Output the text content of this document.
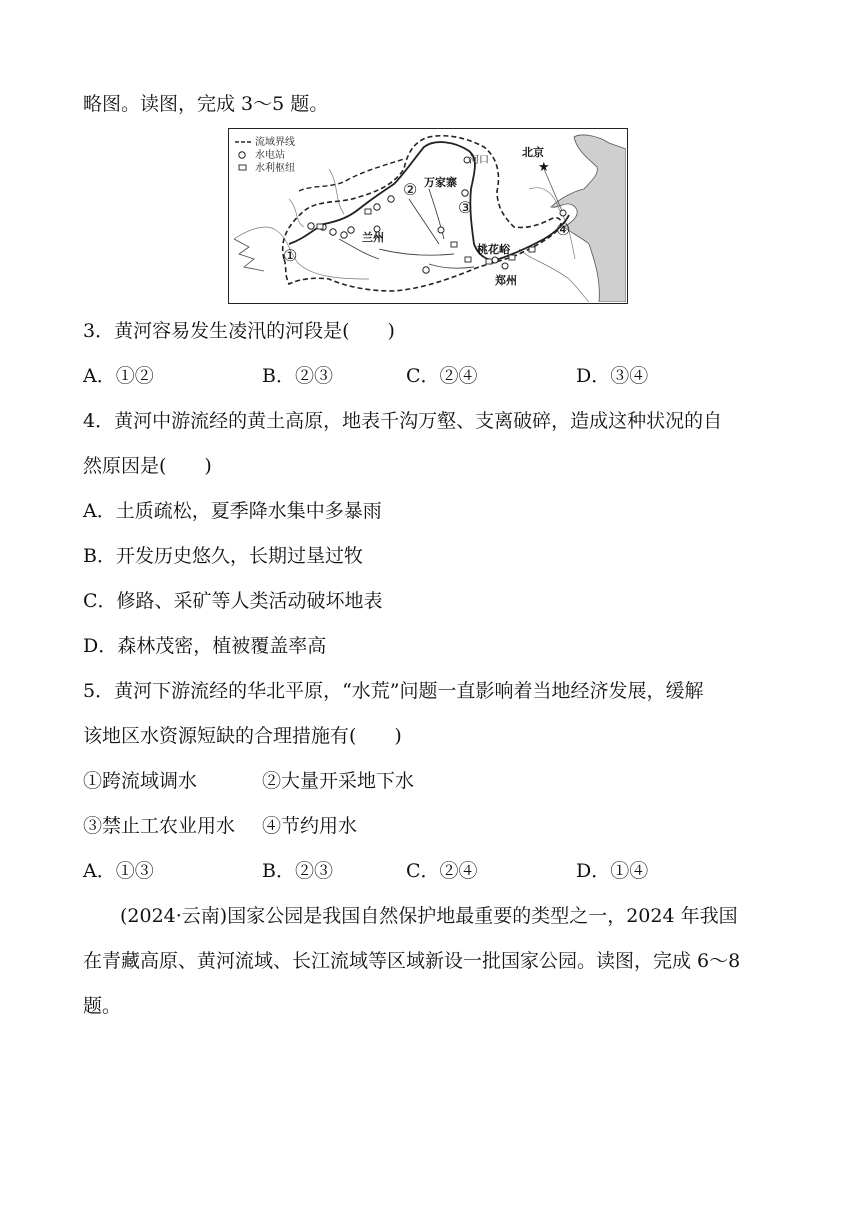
略图。读图，完成 3～5 题。
★
流域界线
水电站
水利枢纽
北京
河口
万家寨
兰州
桃花峪
郑州
①
②
③
④
3．黄河容易发生凌汛的河段是(　　)
A．①②	B．②③	C．②④	D．③④
4．黄河中游流经的黄土高原，地表千沟万壑、支离破碎，造成这种状况的自
然原因是(　　)
A．土质疏松，夏季降水集中多暴雨
B．开发历史悠久，长期过垦过牧
C．修路、采矿等人类活动破坏地表
D．森林茂密，植被覆盖率高
5．黄河下游流经的华北平原，“水荒”问题一直影响着当地经济发展，缓解
该地区水资源短缺的合理措施有(　　)
①跨流域调水	②大量开采地下水
③禁止工农业用水 ④节约用水
A．①③	B．②③	C．②④	D．①④
(2024·云南)国家公园是我国自然保护地最重要的类型之一，2024 年我国
在青藏高原、黄河流域、长江流域等区域新设一批国家公园。读图，完成 6～8
题。
